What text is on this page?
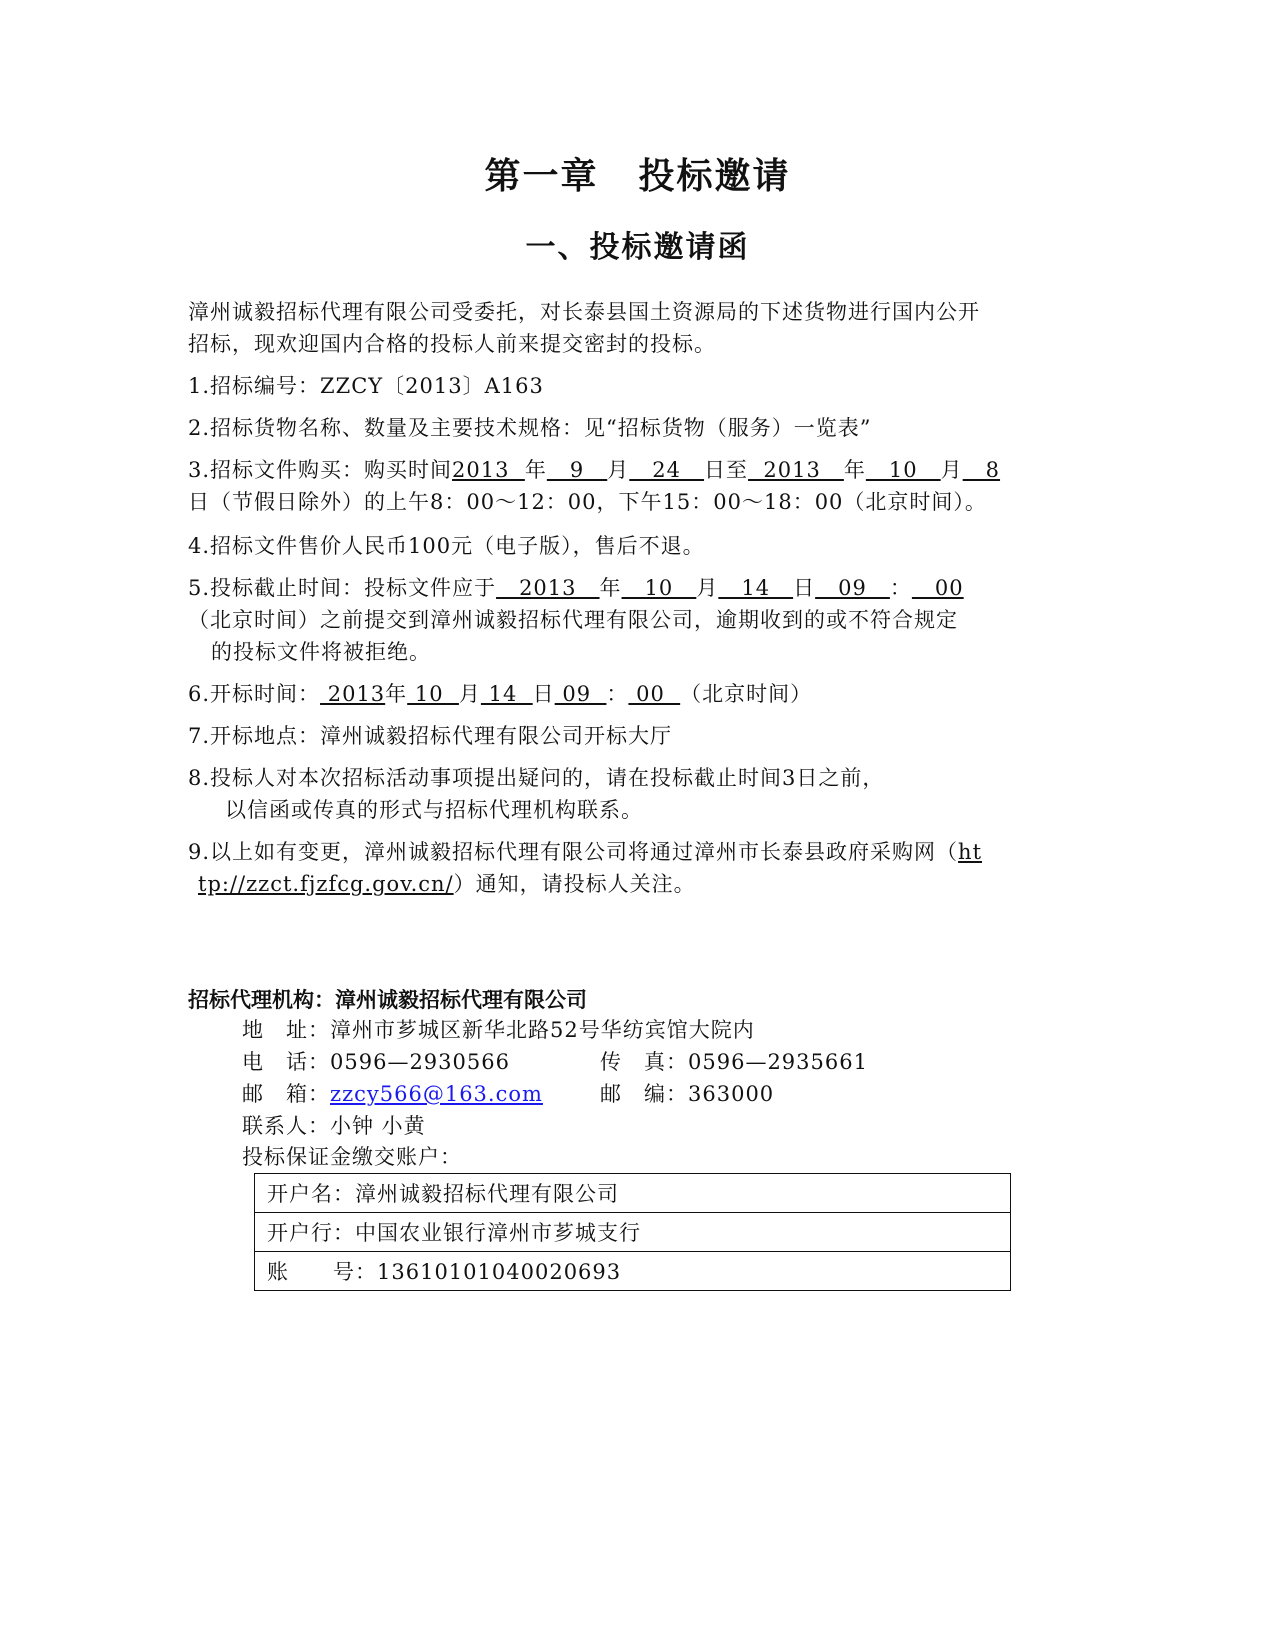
第一章 投标邀请
一、投标邀请函
漳州诚毅招标代理有限公司受委托，对长泰县国土资源局的下述货物进行国内公开
招标，现欢迎国内合格的投标人前来提交密封的投标。
1.招标编号：ZZCY〔2013〕A163
2.招标货物名称、数量及主要技术规格：见“招标货物（服务）一览表”
3.招标文件购买：购买时间2013  年   9   月   24   日至  2013   年   10   月   8
日（节假日除外）的上午8：00～12：00，下午15：00～18：00（北京时间）。
4.招标文件售价人民币100元（电子版），售后不退。
5.投标截止时间：投标文件应于   2013   年   10   月   14   日   09   ：   00
（北京时间）之前提交到漳州诚毅招标代理有限公司，逾期收到的或不符合规定
的投标文件将被拒绝。
6.开标时间： 2013年 10  月 14  日 09  ： 00  （北京时间）
7.开标地点：漳州诚毅招标代理有限公司开标大厅
8.投标人对本次招标活动事项提出疑问的，请在投标截止时间3日之前，
以信函或传真的形式与招标代理机构联系。
9.以上如有变更，漳州诚毅招标代理有限公司将通过漳州市长泰县政府采购网（ht
tp://zzct.fjzfcg.gov.cn/）通知，请投标人关注。
招标代理机构：漳州诚毅招标代理有限公司
地　址：漳州市芗城区新华北路52号华纺宾馆大院内
电　话：0596—2930566	传　真：0596—2935661
邮　箱：zzcy566@163.com	邮　编：363000
联系人：小钟 小黄
投标保证金缴交账户：
开户名：漳州诚毅招标代理有限公司
开户行：中国农业银行漳州市芗城支行
账　　号：13610101040020693
